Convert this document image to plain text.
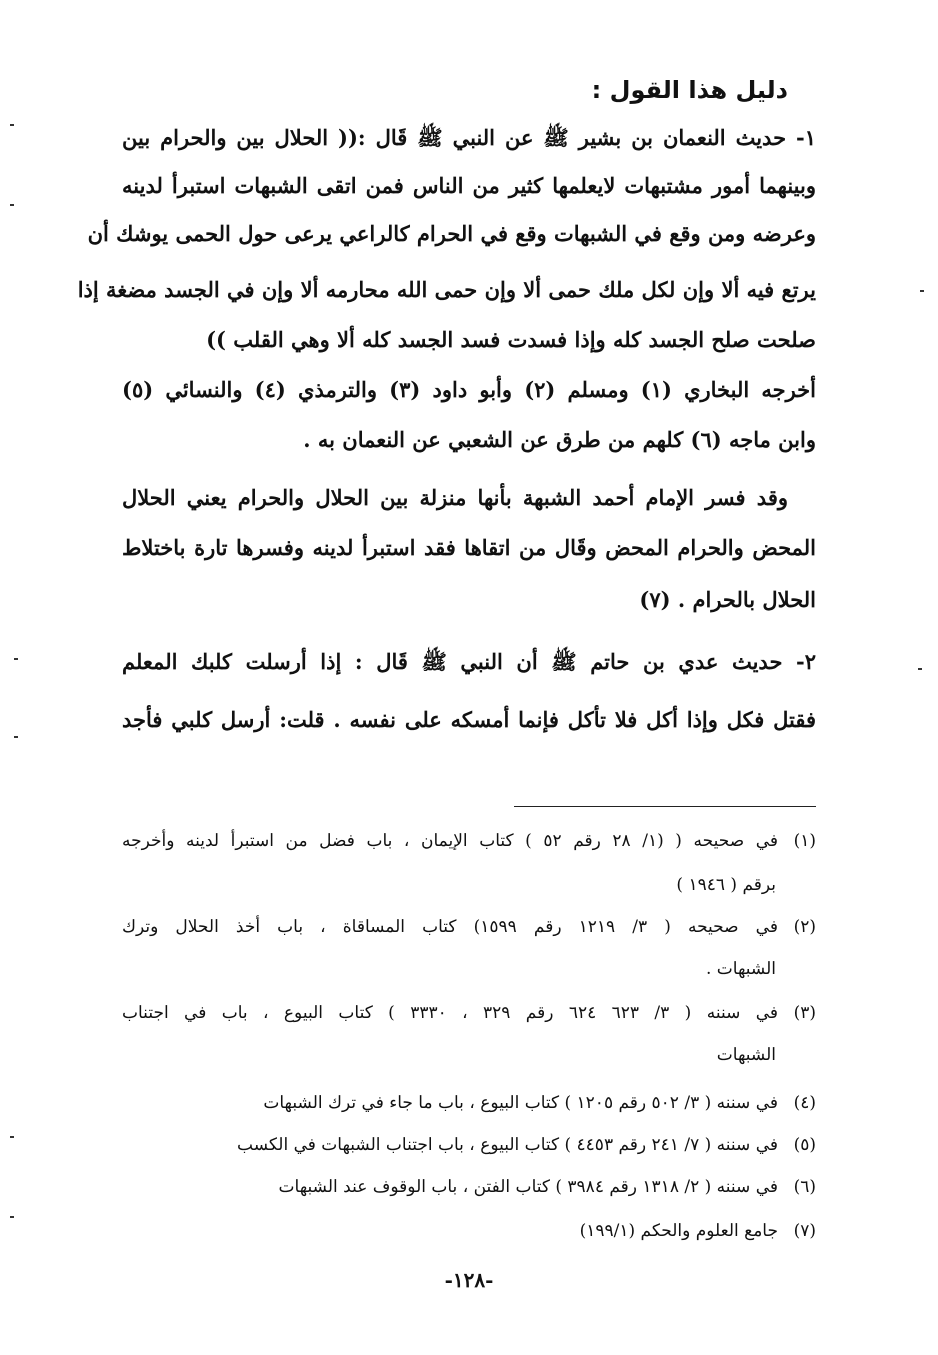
دليل هذا القول :
١- حديث النعمان بن بشير ﷺ عن النبي ﷺ قَال :(( الحلال بين والحرام بين
وبينهما أمور مشتبهات لايعلمها كثير من الناس فمن اتقى الشبهات استبرأ لدينه
وعرضه ومن وقع في الشبهات وقع في الحرام كالراعي يرعى حول الحمى يوشك أن
يرتع فيه ألا وإن لكل ملك حمى ألا وإن حمى الله محارمه ألا وإن في الجسد مضغة إذا
صلحت صلح الجسد كله وإذا فسدت فسد الجسد كله ألا وهي القلب ))
أخرجه البخاري (١) ومسلم (٢) وأبو داود (٣) والترمذي (٤) والنسائي (٥)
وابن ماجه (٦) كلهم من طرق عن الشعبي عن النعمان به .
وقد فسر الإمام أحمد الشبهة بأنها منزلة بين الحلال والحرام يعني الحلال
المحض والحرام المحض وقَال من اتقاها فقد استبرأ لدينه وفسرها تارة باختلاط
الحلال بالحرام . (٧)
٢- حديث عدي بن حاتم ﷺ أن النبي ﷺ قَال : إذا أرسلت كلبك المعلم
فقتل فكل وإذا أكل فلا تأكل فإنما أمسكه على نفسه . قلت: أرسل كلبي فأجد
(١)في صحيحه ( (١/ ٢٨ رقم ٥٢ ) كتاب الإيمان ، باب فضل من استبرأ لدينه وأخرجه
برقم ( ١٩٤٦ )
(٢)في صحيحه ( ٣/ ١٢١٩ رقم ١٥٩٩) كتاب المساقاة ، باب أخذ الحلال وترك
الشبهات .
(٣)في سننه ( ٣/ ٦٢٣ ٦٢٤ رقم ٣٢٩ ، ٣٣٣٠ ) كتاب البيوع ، باب في اجتناب
الشبهات
(٤)في سننه ( ٣/ ٥٠٢ رقم ١٢٠٥ ) كتاب البيوع ، باب ما جاء في ترك الشبهات
(٥)في سننه ( ٧/ ٢٤١ رقم ٤٤٥٣ ) كتاب البيوع ، باب اجتناب الشبهات في الكسب
(٦)في سننه ( ٢/ ١٣١٨ رقم ٣٩٨٤ ) كتاب الفتن ، باب الوقوف عند الشبهات
(٧)جامع العلوم والحكم (١٩٩/١)
-١٢٨-
